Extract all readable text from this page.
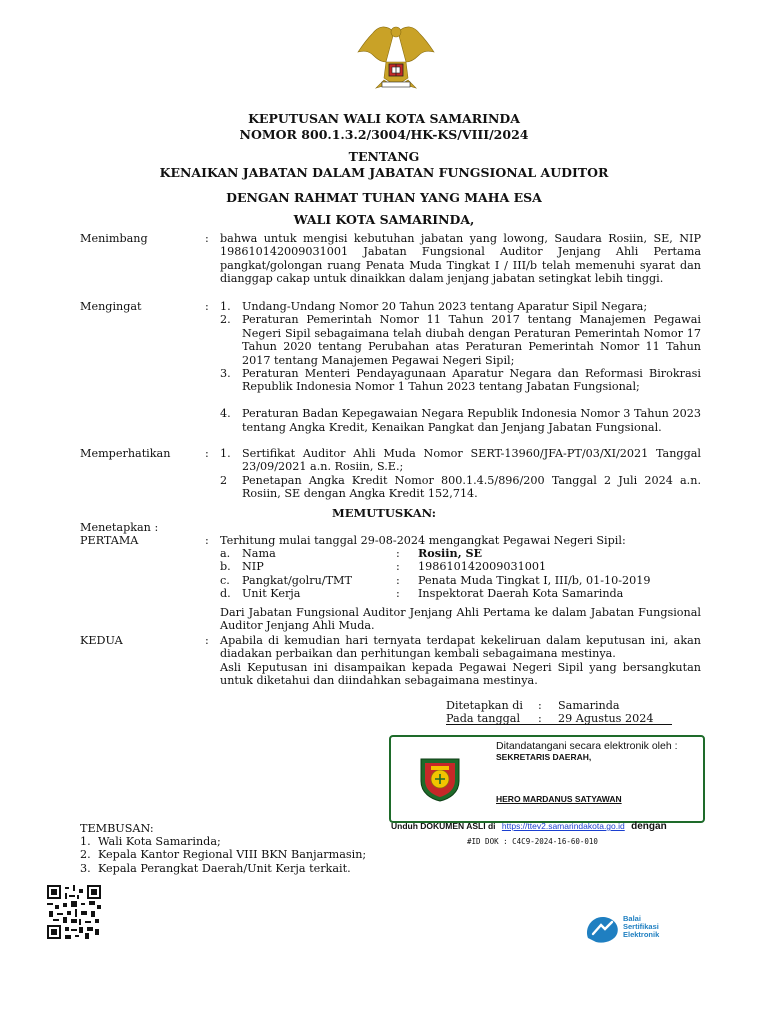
KEPUTUSAN WALI KOTA SAMARINDA
NOMOR 800.1.3.2/3004/HK-KS/VIII/2024
TENTANG
KENAIKAN JABATAN DALAM JABATAN FUNGSIONAL AUDITOR
DENGAN RAHMAT TUHAN YANG MAHA ESA
WALI KOTA SAMARINDA,
Menimbang	: bahwa untuk mengisi kebutuhan jabatan yang lowong, Saudara Rosiin, SE, NIP 198610142009031001 Jabatan Fungsional Auditor Jenjang Ahli Pertama pangkat/golongan ruang Penata Muda Tingkat I / III/b telah memenuhi syarat dan dianggap cakap untuk dinaikkan dalam jenjang jabatan setingkat lebih tinggi.
Mengingat	: 1. Undang-Undang Nomor 20 Tahun 2023 tentang Aparatur Sipil Negara;
2. Peraturan Pemerintah Nomor 11 Tahun 2017 tentang Manajemen Pegawai Negeri Sipil sebagaimana telah diubah dengan Peraturan Pemerintah Nomor 17 Tahun 2020 tentang Perubahan atas Peraturan Pemerintah Nomor 11 Tahun 2017 tentang Manajemen Pegawai Negeri Sipil;
3. Peraturan Menteri Pendayagunaan Aparatur Negara dan Reformasi Birokrasi Republik Indonesia Nomor 1 Tahun 2023 tentang Jabatan Fungsional;
4. Peraturan Badan Kepegawaian Negara Republik Indonesia Nomor 3 Tahun 2023 tentang Angka Kredit, Kenaikan Pangkat dan Jenjang Jabatan Fungsional.
Memperhatikan	: 1. Sertifikat Auditor Ahli Muda Nomor SERT-13960/JFA-PT/03/XI/2021 Tanggal 23/09/2021 a.n. Rosiin, S.E.;
2 Penetapan Angka Kredit Nomor 800.1.4.5/896/200 Tanggal 2 Juli 2024 a.n. Rosiin, SE dengan Angka Kredit 152,714.
MEMUTUSKAN:
Menetapkan :
PERTAMA	: Terhitung mulai tanggal 29-08-2024 mengangkat Pegawai Negeri Sipil:
a. Nama	: Rosiin, SE
b. NIP	: 198610142009031001
c. Pangkat/golru/TMT	: Penata Muda Tingkat I, III/b, 01-10-2019
d. Unit Kerja	: Inspektorat Daerah Kota Samarinda
Dari Jabatan Fungsional Auditor Jenjang Ahli Pertama ke dalam Jabatan Fungsional Auditor Jenjang Ahli Muda.
KEDUA	: Apabila di kemudian hari ternyata terdapat kekeliruan dalam keputusan ini, akan diadakan perbaikan dan perhitungan kembali sebagaimana mestinya.
Asli Keputusan ini disampaikan kepada Pegawai Negeri Sipil yang bersangkutan untuk diketahui dan diindahkan sebagaimana mestinya.
Ditetapkan di : Samarinda
Pada tanggal : 29 Agustus 2024
Ditandatangani secara elektronik oleh :
SEKRETARIS DAERAH,
HERO MARDANUS SATYAWAN
Unduh DOKUMEN ASLI di https://ttev2.samarindakota.go.id dengan
#ID DOK : C4C9-2024-16-60-010
TEMBUSAN:
1. Wali Kota Samarinda;
2. Kepala Kantor Regional VIII BKN Banjarmasin;
3. Kepala Perangkat Daerah/Unit Kerja terkait.
Balai
Sertifikasi
Elektronik
